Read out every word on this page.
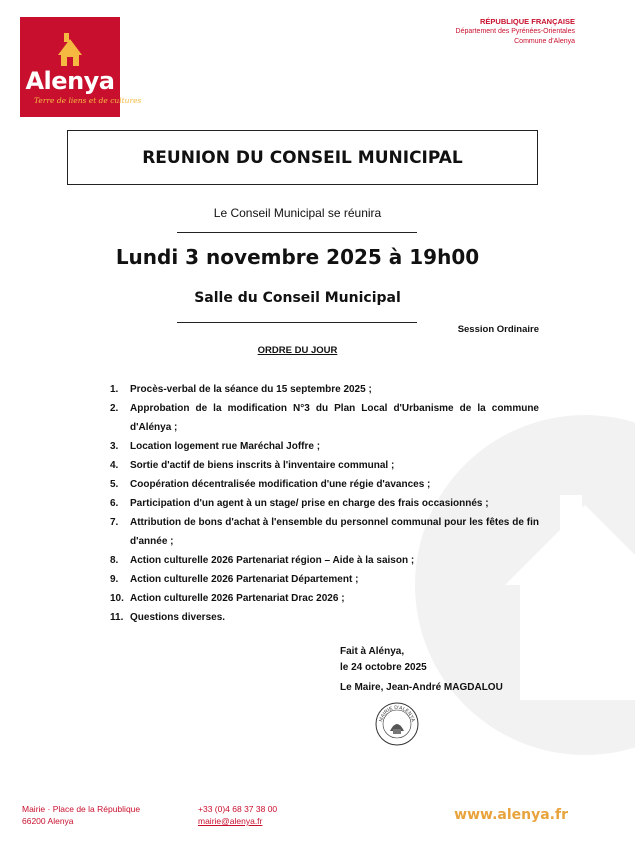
Alenya
Terre de liens et de cultures
RÉPUBLIQUE FRANÇAISE
Département des Pyrénées-Orientales
Commune d'Alenya
REUNION DU CONSEIL MUNICIPAL
Le Conseil Municipal se réunira
Lundi 3 novembre 2025 à 19h00
Salle du Conseil Municipal
Session Ordinaire
ORDRE DU JOUR
1.	Procès-verbal de la séance du 15 septembre 2025 ;
2.	Approbation de la modification N°3 du Plan Local d'Urbanisme de la commune d'Alénya ;
3.	Location logement rue Maréchal Joffre ;
4.	Sortie d'actif de biens inscrits à l'inventaire communal ;
5.	Coopération décentralisée modification d'une régie d'avances ;
6.	Participation d'un agent à un stage/ prise en charge des frais occasionnés ;
7.	Attribution de bons d'achat à l'ensemble du personnel communal pour les fêtes de fin d'année ;
8.	Action culturelle 2026 Partenariat région – Aide à la saison ;
9.	Action culturelle 2026 Partenariat Département ;
10. Action culturelle 2026 Partenariat Drac 2026 ;
11. Questions diverses.
Fait à Alénya,
le 24 octobre 2025
Le Maire, Jean-André MAGDALOU
MAIRIE D'ALENYA
Mairie · Place de la République
66200 Alenya
+33 (0)4 68 37 38 00
mairie@alenya.fr	www.alenya.fr
